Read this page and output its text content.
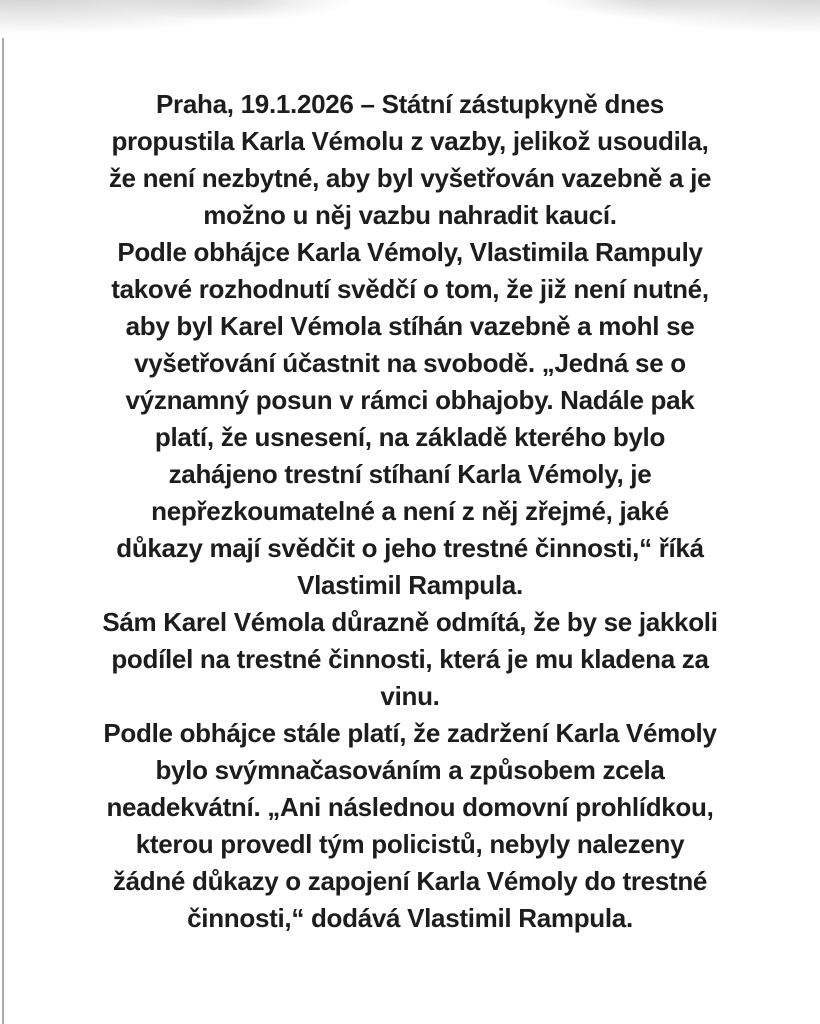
Praha, 19.1.2026 – Státní zástupkyně dnes
propustila Karla Vémolu z vazby, jelikož usoudila,
že není nezbytné, aby byl vyšetřován vazebně a je
možno u něj vazbu nahradit kaucí.

Podle obhájce Karla Vémoly, Vlastimila Rampuly
takové rozhodnutí svědčí o tom, že již není nutné,
aby byl Karel Vémola stíhán vazebně a mohl se
vyšetřování účastnit na svobodě. „Jedná se o
významný posun v rámci obhajoby. Nadále pak
platí, že usnesení, na základě kterého bylo
zahájeno trestní stíhaní Karla Vémoly, je
nepřezkoumatelné a není z něj zřejmé, jaké
důkazy mají svědčit o jeho trestné činnosti,“ říká
Vlastimil Rampula.

Sám Karel Vémola důrazně odmítá, že by se jakkoli
podílel na trestné činnosti, která je mu kladena za
vinu.

Podle obhájce stále platí, že zadržení Karla Vémoly
bylo svýmnačasováním a způsobem zcela
neadekvátní. „Ani následnou domovní prohlídkou,
kterou provedl tým policistů, nebyly nalezeny
žádné důkazy o zapojení Karla Vémoly do trestné
činnosti,“ dodává Vlastimil Rampula.
